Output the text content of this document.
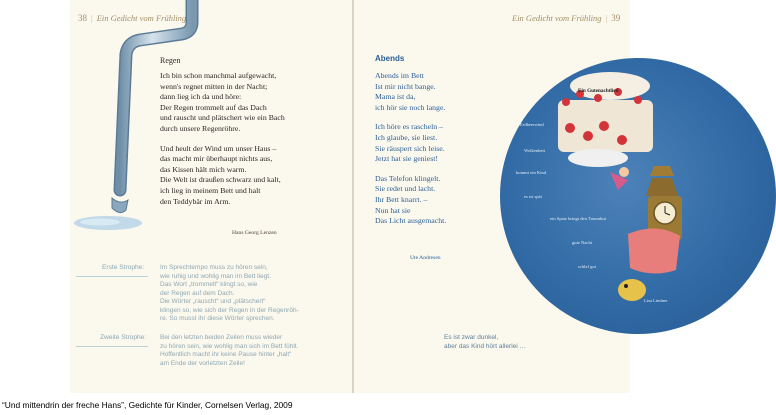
38 | Ein Gedicht vom Frühling
Regen
Ich bin schon manchmal aufgewacht,
wenn's regnet mitten in der Nacht;
dann lieg ich da und höre:
Der Regen trommelt auf das Dach
und rauscht und plätschert wie ein Bach
durch unsere Regenröhre.
Und heult der Wind um unser Haus –
das macht mir überhaupt nichts aus,
das Kissen hält mich warm.
Die Welt ist draußen schwarz und kalt,
ich lieg in meinem Bett und halt
den Teddybär im Arm.
Hans Georg Lenzen
Erste Strophe: Im Sprechtempo muss zu hören sein,
wie ruhig und wohlig man im Bett liegt.
Das Wort „trommelt“ klingt so, wie
der Regen auf dem Dach.
Die Wörter „rauscht“ und „plätschert“
klingen so, wie sich der Regen in der Regenröh-
re. So musst ihr diese Wörter sprechen.
Zweite Strophe: Bei den letzten beiden Zeilen muss wieder
zu hören sein, wie wohlig man sich im Bett fühlt.
Hoffentlich macht ihr keine Pause hinter „halt“
am Ende der vorletzten Zeile!
Ein Gedicht vom Frühling | 39
Abends
Abends im Bett
Ist mir nicht bange.
Mama ist da,
ich hör sie noch lange.
Ich höre es rascheln –
Ich glaube, sie liest.
Sie räuspert sich leise.
Jetzt hat sie geniest!
Das Telefon klingelt.
Sie redet und lacht.
Ihr Bett knarrt. –
Nun hat sie
Das Licht ausgemacht.
Ute Andresen
Ein Gutenachtlied
Erdbeerwind
Wolkenbett
kommt ein Kind
es ist spät
ein Spatz bringt den Traumhut
gute Nacht
schlaf gut
Lisa Lindner
Es ist zwar dunkel,
aber das Kind hört allerlei …
“Und mittendrin der freche Hans”, Gedichte für Kinder, Cornelsen Verlag, 2009
